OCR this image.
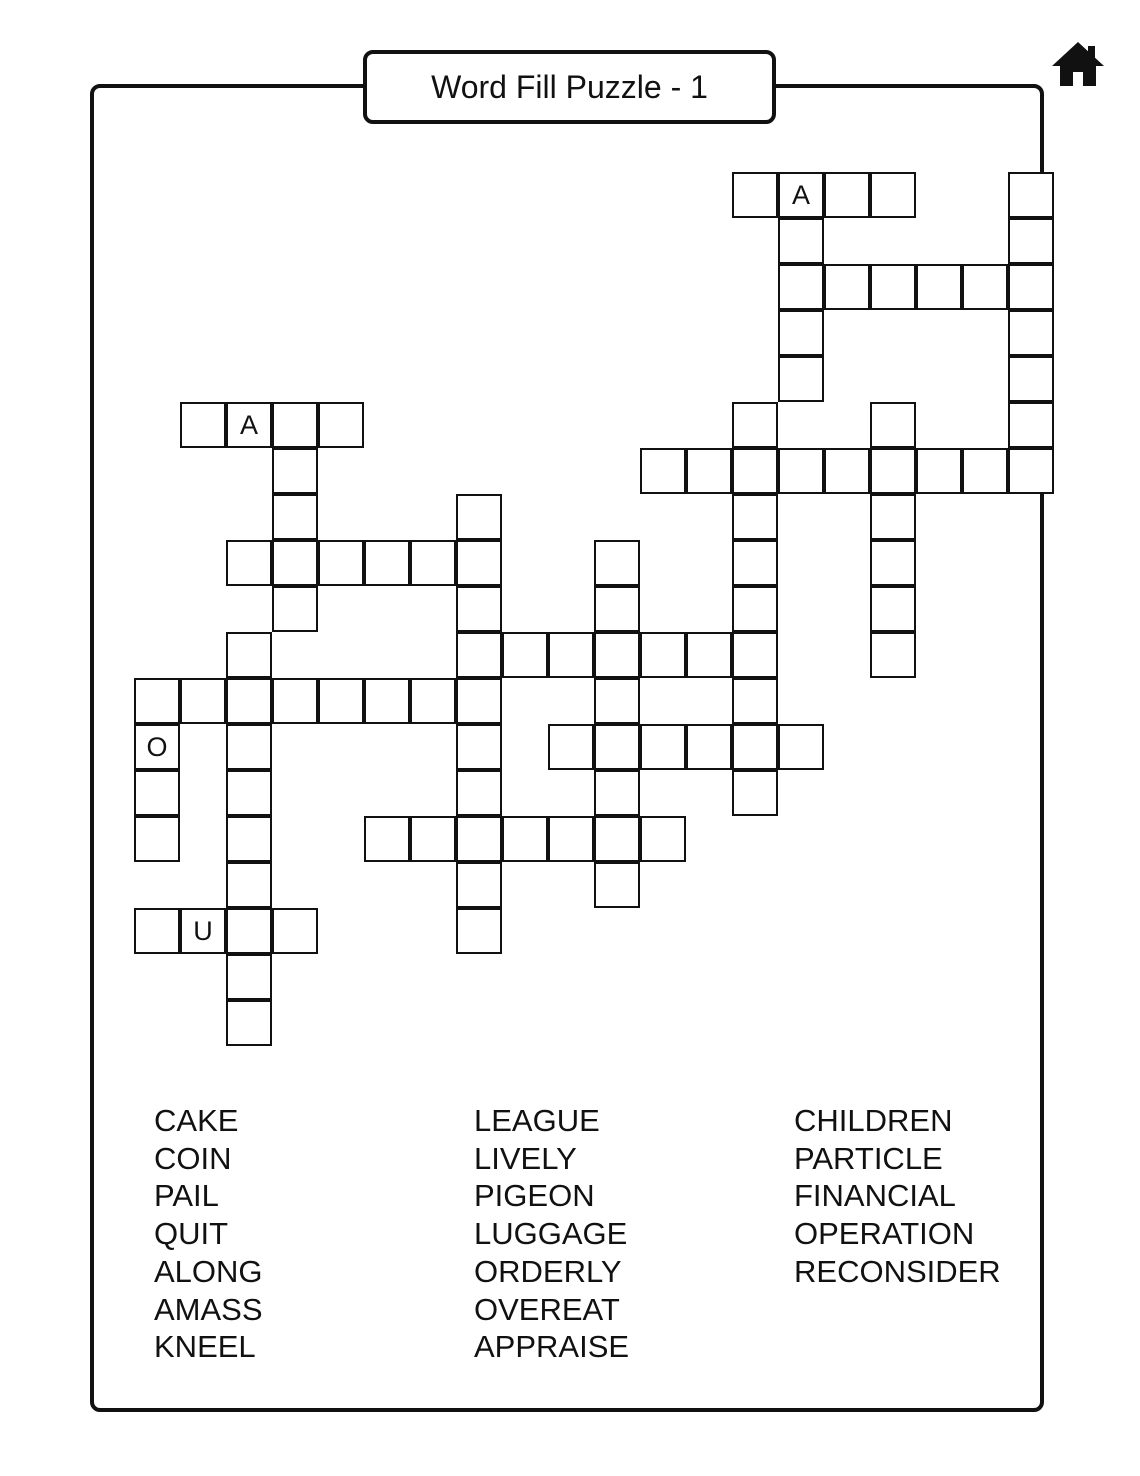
Word Fill Puzzle - 1
A
A
O
U
CAKE
COIN
PAIL
QUIT
ALONG
AMASS
KNEEL
LEAGUE
LIVELY
PIGEON
LUGGAGE
ORDERLY
OVEREAT
APPRAISE
CHILDREN
PARTICLE
FINANCIAL
OPERATION
RECONSIDER
